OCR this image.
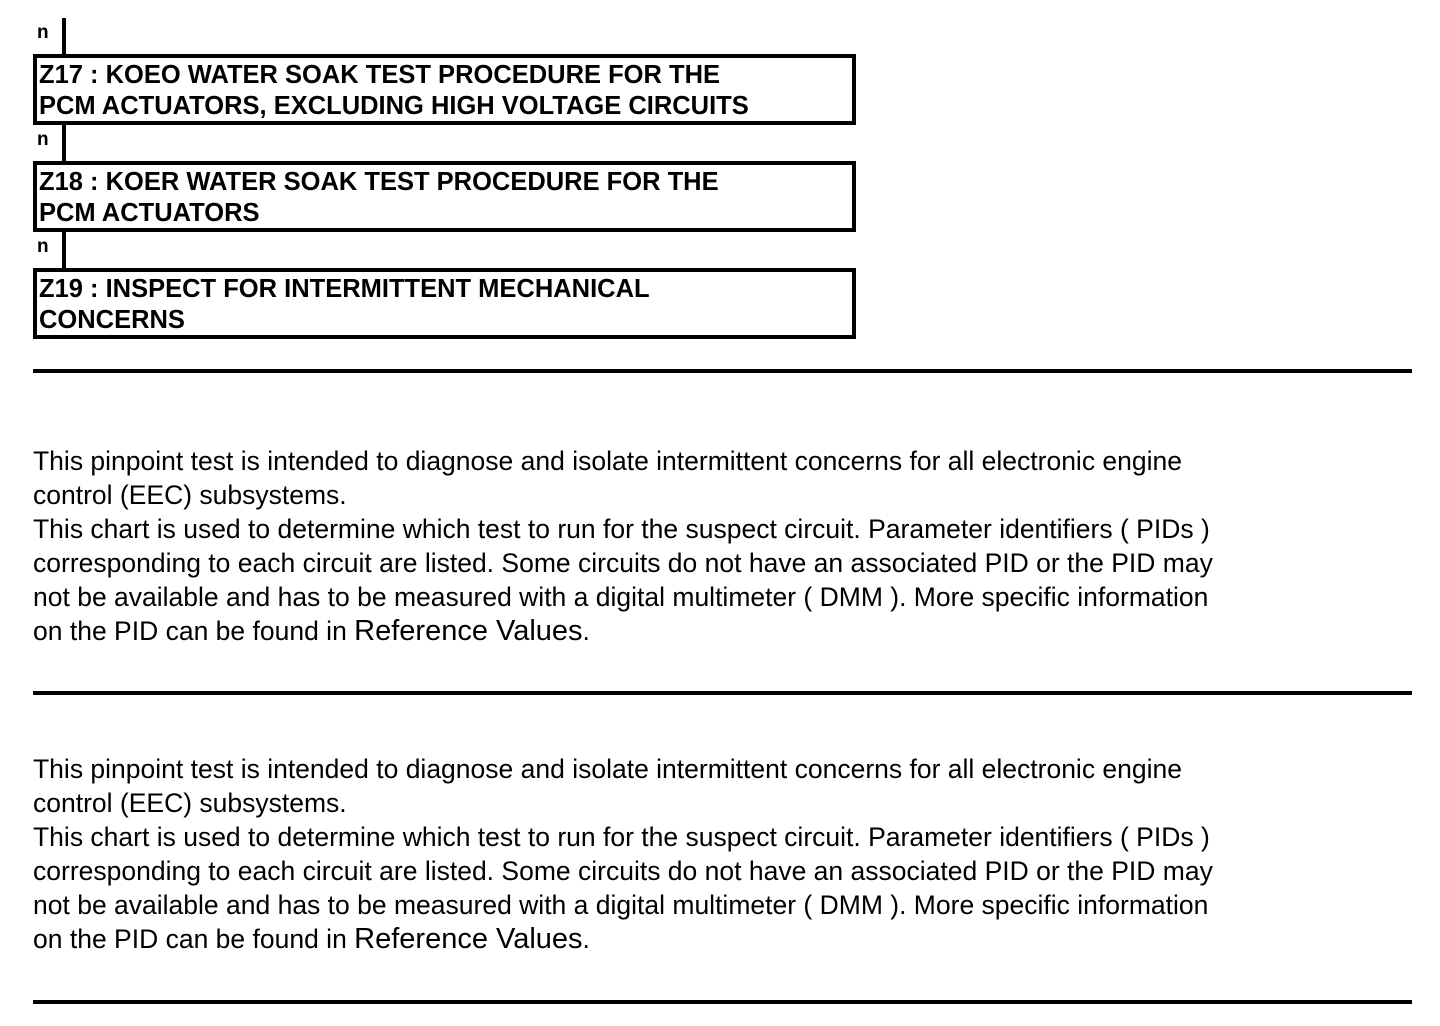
n
Z17 : KOEO WATER SOAK TEST PROCEDURE FOR THE
PCM ACTUATORS, EXCLUDING HIGH VOLTAGE CIRCUITS
n
Z18 : KOER WATER SOAK TEST PROCEDURE FOR THE
PCM ACTUATORS
n
Z19 : INSPECT FOR INTERMITTENT MECHANICAL
CONCERNS

This pinpoint test is intended to diagnose and isolate intermittent concerns for all electronic engine

control (EEC) subsystems.

This chart is used to determine which test to run for the suspect circuit. Parameter identifiers ( PIDs )

corresponding to each circuit are listed. Some circuits do not have an associated PID or the PID may

not be available and has to be measured with a digital multimeter ( DMM ). More specific information

on the PID can be found in Reference Values.

This pinpoint test is intended to diagnose and isolate intermittent concerns for all electronic engine

control (EEC) subsystems.

This chart is used to determine which test to run for the suspect circuit. Parameter identifiers ( PIDs )

corresponding to each circuit are listed. Some circuits do not have an associated PID or the PID may

not be available and has to be measured with a digital multimeter ( DMM ). More specific information

on the PID can be found in Reference Values.
